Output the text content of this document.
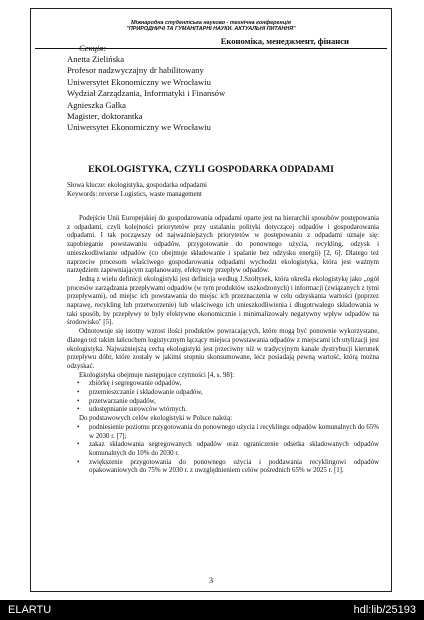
Міжнародна студентська науково - технічна конференція
"ПРИРОДНИЧІ ТА ГУМАНІТАРНІ НАУКИ. АКТУАЛЬНІ ПИТАННЯ"
Секція:
Економіка, менеджмент, фінанси
Anetta Zielińska
Profesor nadzwyczajny dr habilitowany
Uniwersytet Ekonomiczny we Wrocławiu
Wydział Zarządzania, Informatyki i Finansów
Agnieszka Gałka
Magister, doktorantka
Uniwersytet Ekonomiczny we Wrocławiu
EKOLOGISTYKA, CZYLI GOSPODARKA ODPADAMI
Słowa klucze: ekologistyka, gospodarka odpadami
Keywords: reverse Logistics, waste management

Podejście Unii Europejskiej do gospodarowania odpadami oparte jest na hierarchii sposobów postępowania z odpadami, czyli kolejności priorytetów przy ustalaniu polityki dotyczącej odpadów i gospodarowania odpadami. I tak począwszy od najważniejszych priorytetów w postępowaniu z odpadami uznaje się: zapobieganie powstawaniu odpadów, przygotowanie do ponownego użycia, recykling, odzysk i unieszkodliwianie odpadów (co obejmuje składowanie i spalanie bez odzysku energii) [2, 6]. Dlatego też naprzeciw procesom właściwego gospodarowania odpadami wychodzi ekologistyka, która jest ważnym narzędziem zapewniającym zaplanowany, efektywny przepływ odpadów.

Jedną z wielu definicji ekologistyki jest definicja według J.Szołtysek, która określa ekologistykę jako „ogół procesów zarządzania przepływami odpadów (w tym produktów uszkodzonych) i informacji (związanych z tymi przepływami), od miejsc ich powstawania do miejsc ich przeznaczenia w celu odzyskania wartości (poprzez naprawę, recykling lub przetworzenie) lub właściwego ich unieszkodliwienia i długotrwałego składowania w taki sposób, by przepływy te były efektywne ekonomicznie i minimalizowały negatywny wpływ odpadów na środowisko" [5].

Odnotowuje się istotny wzrost ilości produktów powracających, które mogą być ponownie wykorzystane, dlatego też takim łańcuchem logistycznym łączący miejsca powstawania odpadów z miejscami ich utylizacji jest ekologistyka. Najważniejszą cechą ekologistyki jest przeciwny niż w tradycyjnym kanale dystrybucji kierunek przepływu dóbr, które zostały w jakimś stopniu skonsumowane, lecz posiadają pewną wartość, którą można odzyskać.

Ekologistyka obejmuje następujące czynności [4, s. 98]:

• zbiórkę i segregowanie odpadów,
• przemieszczanie i składowanie odpadów,
• przetwarzanie odpadów,
• udostępnianie surowców wtórnych.

Do podstawowych celów ekologistyki w Polsce należą:

• podniesienie poziomu przygotowania do ponownego użycia i recyklingu odpadów komunalnych do 65% w 2030 r. [7];
• zakaz składowania segregowanych odpadów oraz ograniczenie odsetka składowanych odpadów komunalnych do 10% do 2030 r.
• zwiększenie przygotowania do ponownego użycia i poddawania recyklingowi odpadów opakowaniowych do 75% w 2030 r. z uwzględnieniem celów pośrednich 65% w 2025 r. [1].
3
ELARTU	hdl:lib/25193
